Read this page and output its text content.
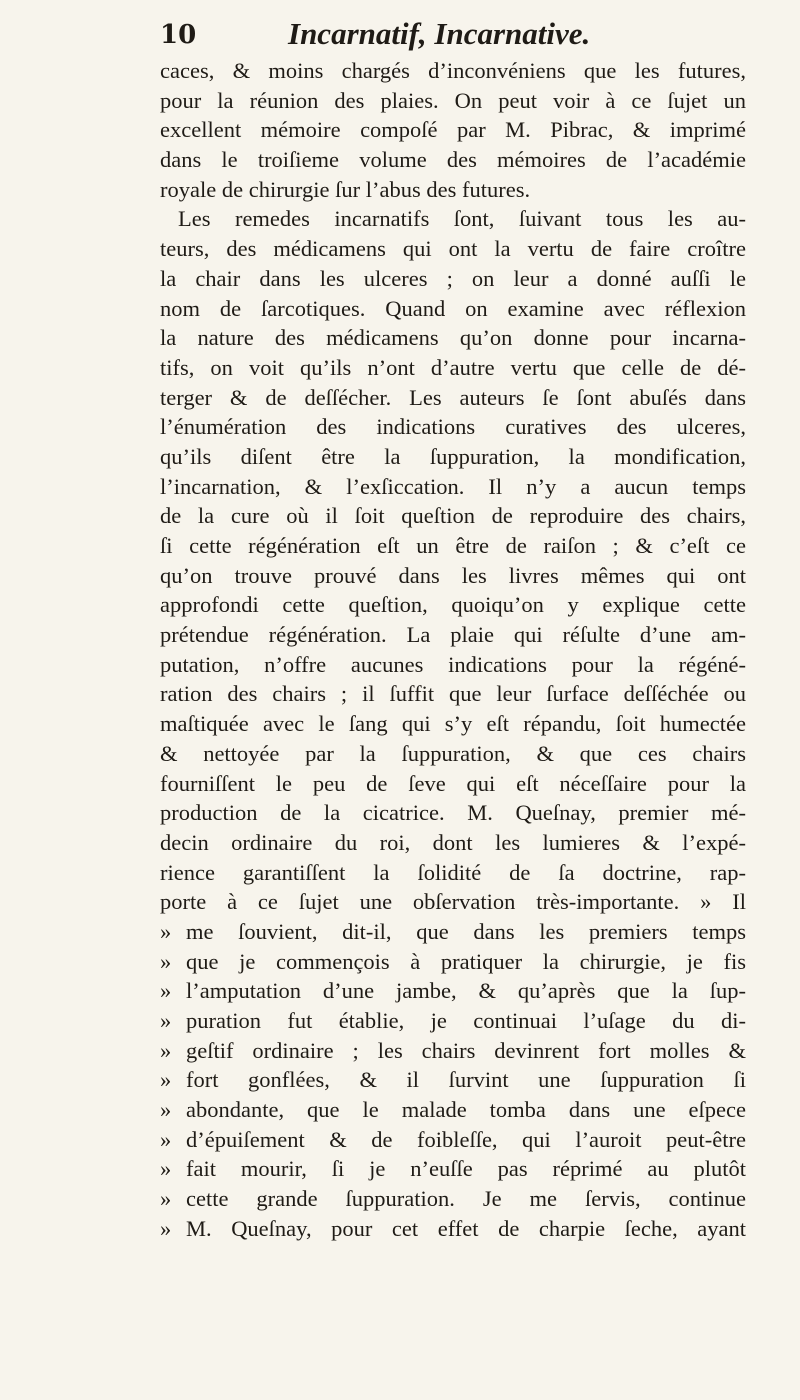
10	Incarnatif, Incarnative.
caces, & moins chargés d’inconvéniens que les futures,
pour la réunion des plaies. On peut voir à ce ſujet un
excellent mémoire compoſé par M. Pibrac, & imprimé
dans le troiſieme volume des mémoires de l’académie
royale de chirurgie ſur l’abus des futures.
Les remedes incarnatifs ſont, ſuivant tous les au-
teurs, des médicamens qui ont la vertu de faire croître
la chair dans les ulceres ; on leur a donné auſſi le
nom de ſarcotiques. Quand on examine avec réflexion
la nature des médicamens qu’on donne pour incarna-
tifs, on voit qu’ils n’ont d’autre vertu que celle de dé-
terger & de deſſécher. Les auteurs ſe ſont abuſés dans
l’énumération des indications curatives des ulceres,
qu’ils diſent être la ſuppuration, la mondification,
l’incarnation, & l’exſiccation. Il n’y a aucun temps
de la cure où il ſoit queſtion de reproduire des chairs,
ſi cette régénération eſt un être de raiſon ; & c’eſt ce
qu’on trouve prouvé dans les livres mêmes qui ont
approfondi cette queſtion, quoiqu’on y explique cette
prétendue régénération. La plaie qui réſulte d’une am-
putation, n’offre aucunes indications pour la régéné-
ration des chairs ; il ſuffit que leur ſurface deſſéchée ou
maſtiquée avec le ſang qui s’y eſt répandu, ſoit humectée
& nettoyée par la ſuppuration, & que ces chairs
fourniſſent le peu de ſeve qui eſt néceſſaire pour la
production de la cicatrice. M. Queſnay, premier mé-
decin ordinaire du roi, dont les lumieres & l’expé-
rience garantiſſent la ſolidité de ſa doctrine, rap-
porte à ce ſujet une obſervation très-importante. » Il
» me ſouvient, dit-il, que dans les premiers temps
» que je commençois à pratiquer la chirurgie, je fis
» l’amputation d’une jambe, & qu’après que la ſup-
» puration fut établie, je continuai l’uſage du di-
» geſtif ordinaire ; les chairs devinrent fort molles &
» fort gonflées, & il ſurvint une ſuppuration ſi
» abondante, que le malade tomba dans une eſpece
» d’épuiſement & de foibleſſe, qui l’auroit peut-être
» fait mourir, ſi je n’euſſe pas réprimé au plutôt
» cette grande ſuppuration. Je me ſervis, continue
» M. Queſnay, pour cet effet de charpie ſeche, ayant
